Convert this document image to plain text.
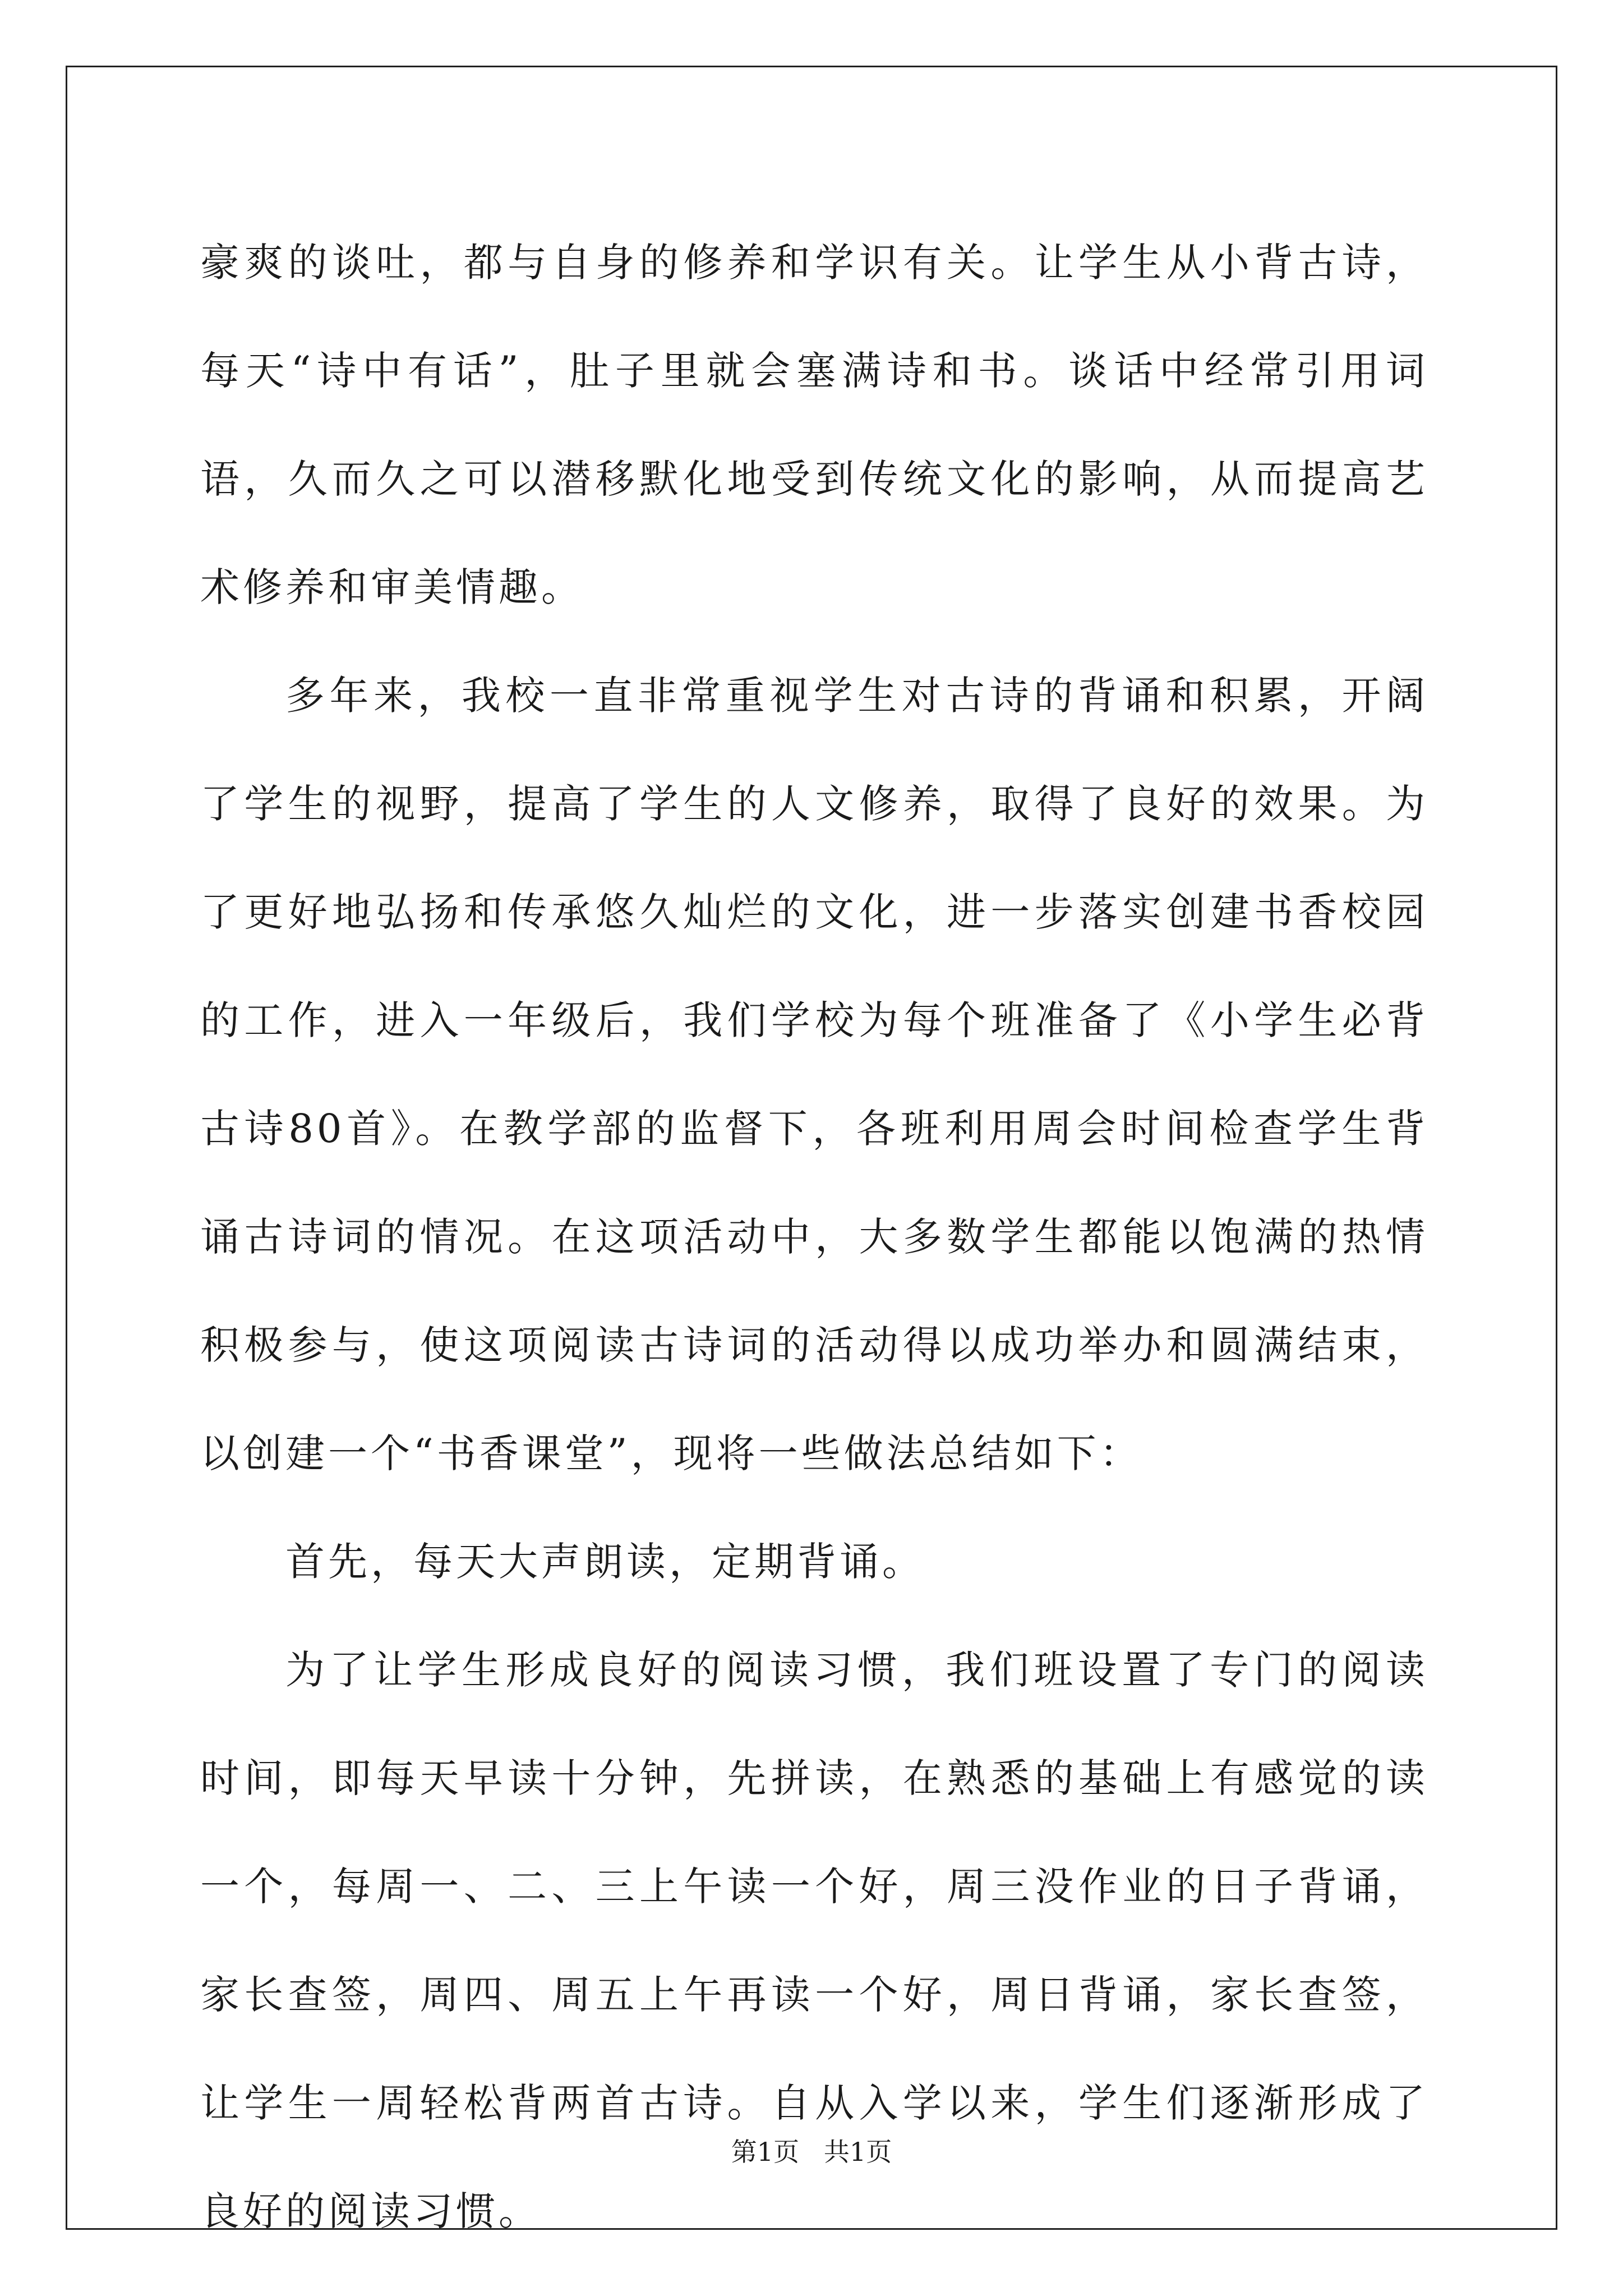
豪爽的谈吐，都与自身的修养和学识有关。让学生从小背古诗，每天“诗中有话”，肚子里就会塞满诗和书。谈话中经常引用词语，久而久之可以潜移默化地受到传统文化的影响，从而提高艺术修养和审美情趣。

多年来，我校一直非常重视学生对古诗的背诵和积累，开阔了学生的视野，提高了学生的人文修养，取得了良好的效果。为了更好地弘扬和传承悠久灿烂的文化，进一步落实创建书香校园的工作，进入一年级后，我们学校为每个班准备了《小学生必背古诗80首》。在教学部的监督下，各班利用周会时间检查学生背诵古诗词的情况。在这项活动中，大多数学生都能以饱满的热情积极参与，使这项阅读古诗词的活动得以成功举办和圆满结束，以创建一个“书香课堂”，现将一些做法总结如下：

首先，每天大声朗读，定期背诵。

为了让学生形成良好的阅读习惯，我们班设置了专门的阅读时间，即每天早读十分钟，先拼读，在熟悉的基础上有感觉的读一个，每周一、二、三上午读一个好，周三没作业的日子背诵，家长查签，周四、周五上午再读一个好，周日背诵，家长查签，让学生一周轻松背两首古诗。自从入学以来，学生们逐渐形成了良好的阅读习惯。

第1页   共1页
